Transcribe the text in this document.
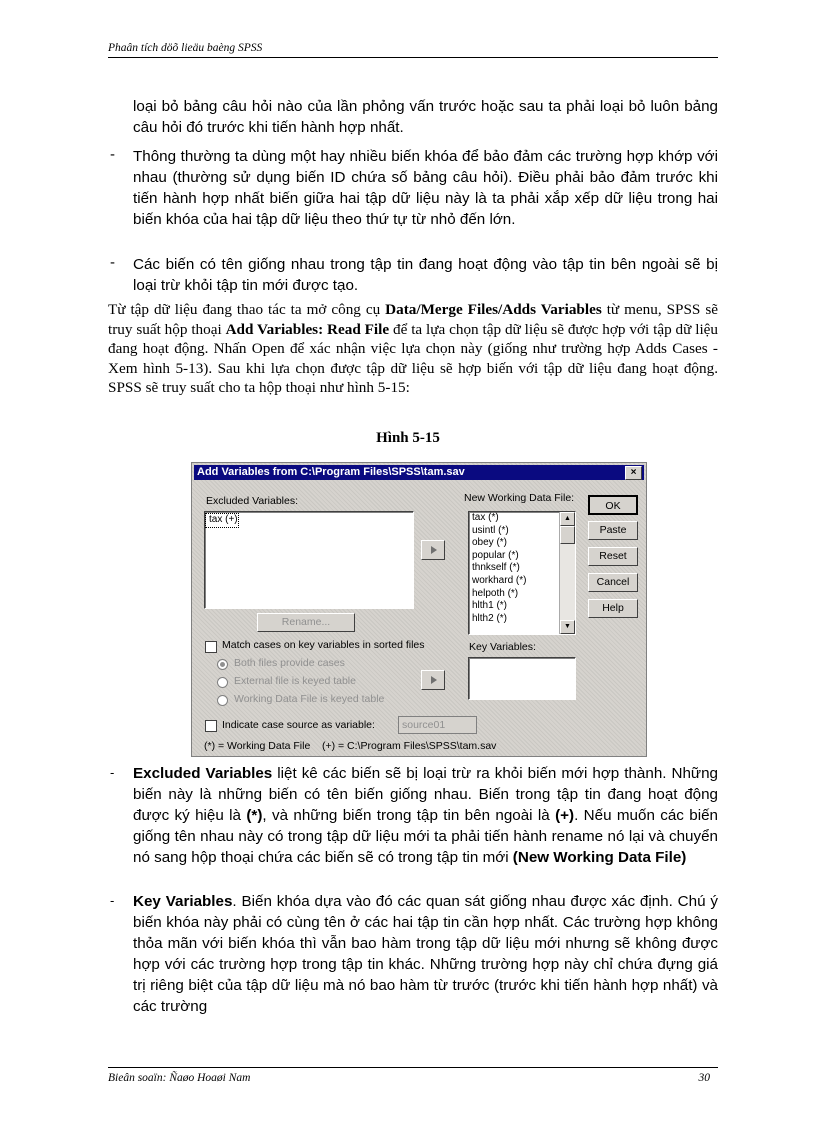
Phaân tích döõ lieäu baèng SPSS
loại bỏ bảng câu hỏi nào của lần phỏng vấn trước hoặc sau ta phải loại bỏ luôn bảng câu hỏi đó trước khi tiến hành hợp nhất.
- Thông thường ta dùng một hay nhiều biến khóa để bảo đảm các trường hợp khớp với nhau (thường sử dụng biến ID chứa số bảng câu hỏi). Điều phải bảo đảm trước khi tiến hành hợp nhất biến giữa hai tập dữ liệu này là ta phải xắp xếp dữ liệu trong hai biến khóa của hai tập dữ liệu theo thứ tự từ nhỏ đến lớn.
- Các biến có tên giống nhau trong tập tin đang hoạt động vào tập tin bên ngoài sẽ bị loại trừ khỏi tập tin mới được tạo.
Từ tập dữ liệu đang thao tác ta mở công cụ Data/Merge Files/Adds Variables từ menu, SPSS sẽ truy suất hộp thoại Add Variables: Read File để ta lựa chọn tập dữ liệu sẽ được hợp với tập dữ liệu đang hoạt động. Nhấn Open để xác nhận việc lựa chọn này (giống như trường hợp Adds Cases - Xem hình 5-13). Sau khi lựa chọn được tập dữ liệu sẽ hợp biến với tập dữ liệu đang hoạt động. SPSS sẽ truy suất cho ta hộp thoại như hình 5-15:
Hình 5-15
Add Variables from C:\Program Files\SPSS\tam.sav	×
Excluded Variables:
tax (+)
New Working Data File:
tax (*)
usintl (*)
obey (*)
popular (*)
thnkself (*)
workhard (*)
helpoth (*)
hlth1 (*)
hlth2 (*)
▲
▼
OK
Paste
Reset
Cancel
Help
Rename...
Match cases on key variables in sorted files
Both files provide cases
External file is keyed table
Working Data File is keyed table
Key Variables:
Indicate case source as variable:	source01
(*) = Working Data File    (+) = C:\Program Files\SPSS\tam.sav
- Excluded Variables liệt kê các biến sẽ bị loại trừ ra khỏi biến mới hợp thành. Những biến này là những biến có tên biến giống nhau. Biến trong tập tin đang hoạt động được ký hiệu là (*), và những biến trong tập tin bên ngoài là (+). Nếu muốn các biến giống tên nhau này có trong tập dữ liệu mới ta phải tiến hành rename nó lại và chuyển nó sang hộp thoại chứa các biến sẽ có trong tập tin mới (New Working Data File)
- Key Variables. Biến khóa dựa vào đó các quan sát giống nhau được xác định. Chú ý biến khóa này phải có cùng tên ở các hai tập tin cần hợp nhất. Các trường hợp không thỏa mãn với biến khóa thì vẫn bao hàm trong tập dữ liệu mới nhưng sẽ không được hợp với các trường hợp trong tập tin khác. Những trường hợp này chỉ chứa đựng giá trị riêng biệt của tập dữ liệu mà nó bao hàm từ trước (trước khi tiến hành hợp nhất) và các trường
Bieân soaïn: Ñaøo Hoaøi Nam	30
